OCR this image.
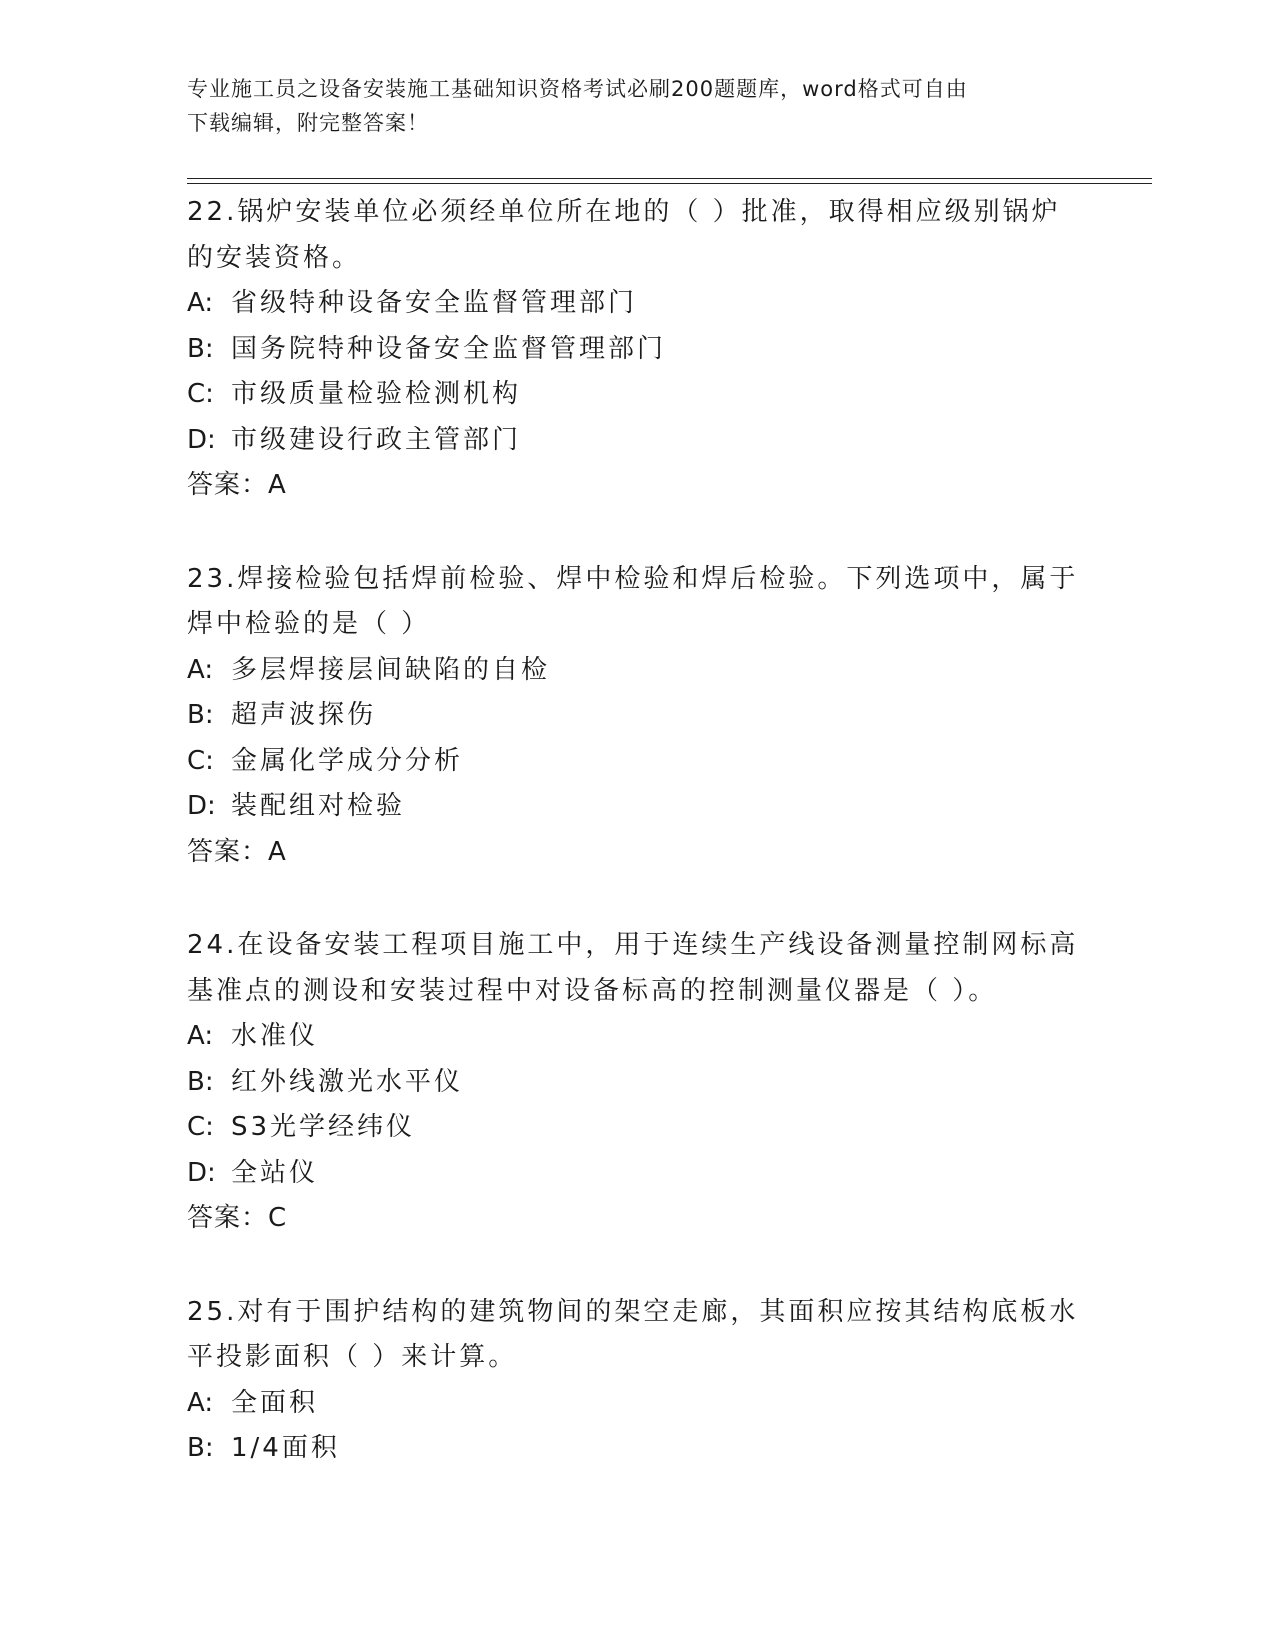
专业施工员之设备安装施工基础知识资格考试必刷200题题库，word格式可自由
下载编辑，附完整答案！

22.锅炉安装单位必须经单位所在地的（ ）批准，取得相应级别锅炉的安装资格。

A: 省级特种设备安全监督管理部门

B: 国务院特种设备安全监督管理部门

C: 市级质量检验检测机构

D: 市级建设行政主管部门

答案：A

23.焊接检验包括焊前检验、焊中检验和焊后检验。下列选项中，属于焊中检验的是（ ）

A: 多层焊接层间缺陷的自检

B: 超声波探伤

C: 金属化学成分分析

D: 装配组对检验

答案：A

24.在设备安装工程项目施工中，用于连续生产线设备测量控制网标高基准点的测设和安装过程中对设备标高的控制测量仪器是（ ）。

A: 水准仪

B: 红外线激光水平仪

C: S3光学经纬仪

D: 全站仪

答案：C

25.对有于围护结构的建筑物间的架空走廊，其面积应按其结构底板水平投影面积（ ）来计算。

A: 全面积

B: 1/4面积
